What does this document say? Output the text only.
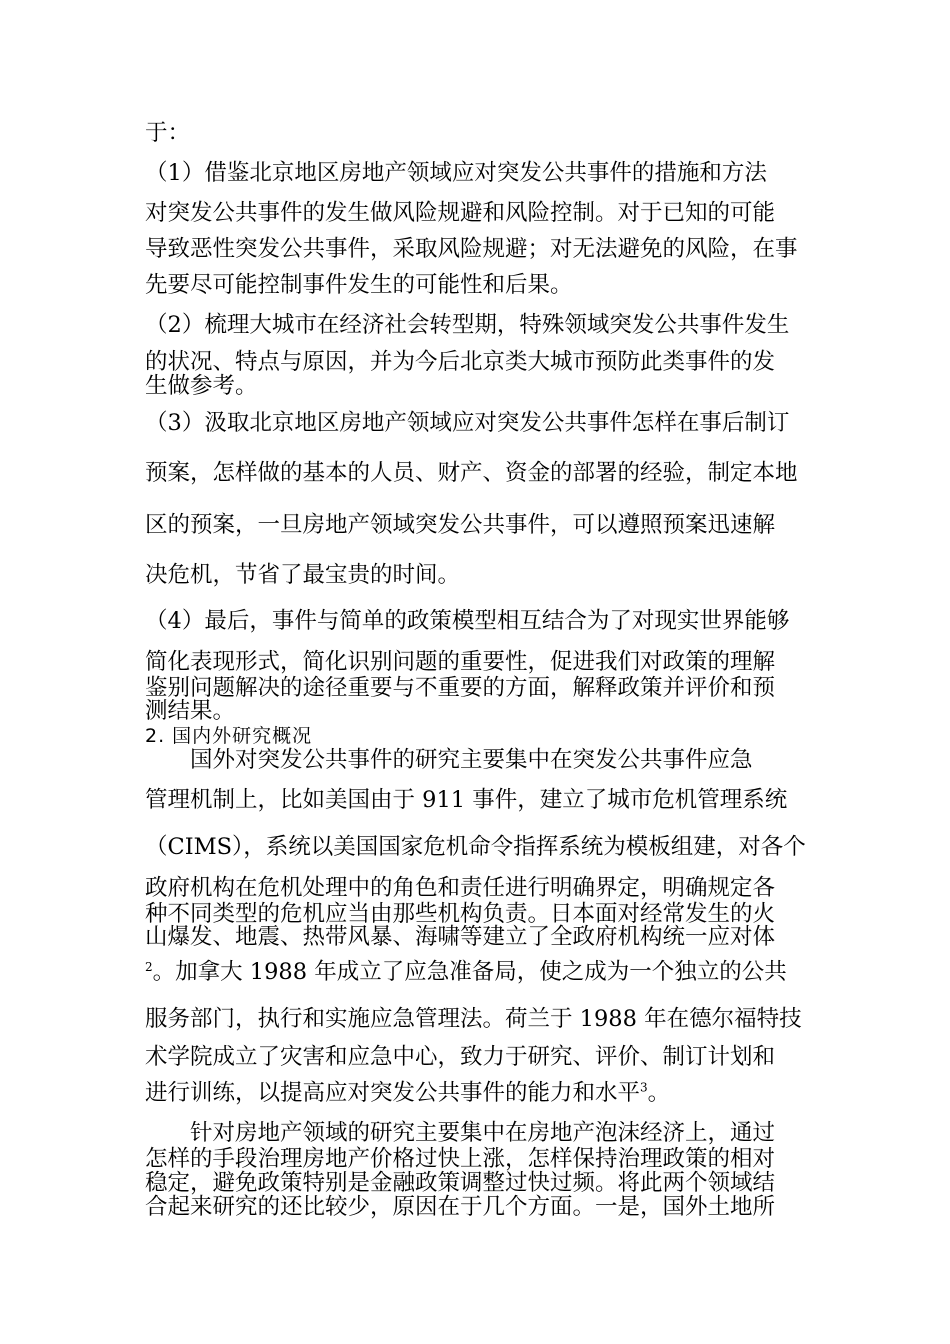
于：
（1）借鉴北京地区房地产领域应对突发公共事件的措施和方法
对突发公共事件的发生做风险规避和风险控制。对于已知的可能
导致恶性突发公共事件，采取风险规避；对无法避免的风险，在事
先要尽可能控制事件发生的可能性和后果。
（2）梳理大城市在经济社会转型期，特殊领域突发公共事件发生
的状况、特点与原因，并为今后北京类大城市预防此类事件的发
生做参考。
（3）汲取北京地区房地产领域应对突发公共事件怎样在事后制订
预案，怎样做的基本的人员、财产、资金的部署的经验，制定本地
区的预案，一旦房地产领域突发公共事件，可以遵照预案迅速解
决危机，节省了最宝贵的时间。
（4）最后，事件与简单的政策模型相互结合为了对现实世界能够
简化表现形式，简化识别问题的重要性，促进我们对政策的理解
鉴别问题解决的途径重要与不重要的方面，解释政策并评价和预
测结果。
2. 国内外研究概况
国外对突发公共事件的研究主要集中在突发公共事件应急
管理机制上，比如美国由于 911 事件，建立了城市危机管理系统
（CIMS），系统以美国国家危机命令指挥系统为模板组建，对各个
政府机构在危机处理中的角色和责任进行明确界定，明确规定各
种不同类型的危机应当由那些机构负责。日本面对经常发生的火
山爆发、地震、热带风暴、海啸等建立了全政府机构统一应对体
$^2$。加拿大 1988 年成立了应急准备局，使之成为一个独立的公共
服务部门，执行和实施应急管理法。荷兰于 1988 年在德尔福特技
术学院成立了灾害和应急中心，致力于研究、评价、制订计划和
进行训练，以提高应对突发公共事件的能力和水平$^3$。
针对房地产领域的研究主要集中在房地产泡沫经济上，通过
怎样的手段治理房地产价格过快上涨，怎样保持治理政策的相对
稳定，避免政策特别是金融政策调整过快过频。将此两个领域结
合起来研究的还比较少，原因在于几个方面。一是，国外土地所
